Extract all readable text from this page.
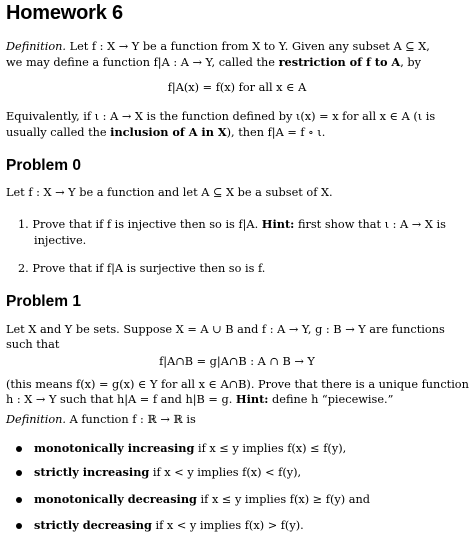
Homework 6
Definition. Let f : X → Y be a function from X to Y. Given any subset A ⊆ X,
we may define a function f|A : A → Y, called the restriction of f to A, by
f|A(x) = f(x) for all x ∈ A
Equivalently, if ι : A → X is the function defined by ι(x) = x for all x ∈ A (ι is
usually called the inclusion of A in X), then f|A = f ∘ ι.
Problem 0
Let f : X → Y be a function and let A ⊆ X be a subset of X.
1. Prove that if f is injective then so is f|A. Hint: first show that ι : A → X is
injective.
2. Prove that if f|A is surjective then so is f.
Problem 1
Let X and Y be sets. Suppose X = A ∪ B and f : A → Y, g : B → Y are functions
such that
f|A∩B = g|A∩B : A ∩ B → Y
(this means f(x) = g(x) ∈ Y for all x ∈ A∩B). Prove that there is a unique function
h : X → Y such that h|A = f and h|B = g. Hint: define h “piecewise.”
Definition. A function f : ℝ → ℝ is
monotonically increasing if x ≤ y implies f(x) ≤ f(y),
strictly increasing if x < y implies f(x) < f(y),
monotonically decreasing if x ≤ y implies f(x) ≥ f(y) and
strictly decreasing if x < y implies f(x) > f(y).
